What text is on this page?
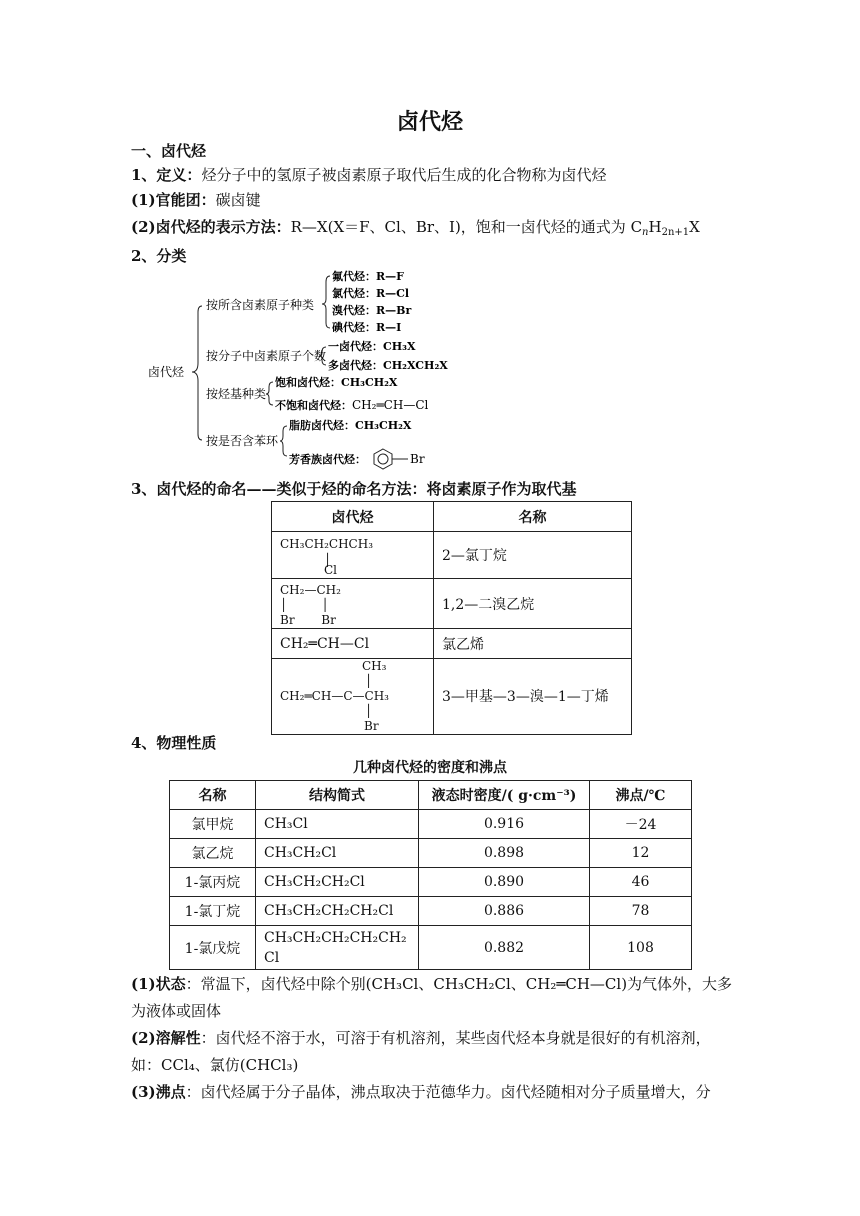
卤代烃
一、卤代烃
1、定义：烃分子中的氢原子被卤素原子取代后生成的化合物称为卤代烃
(1)官能团：碳卤键
(2)卤代烃的表示方法：R—X(X＝F、Cl、Br、I)，饱和一卤代烃的通式为 $C_nH_{2n+1}X$
2、分类
卤代烃
按所含卤素原子种类
氟代烃：R—F
氯代烃：R—Cl
溴代烃：R—Br
碘代烃：R—I
按分子中卤素原子个数
一卤代烃：CH₃X
多卤代烃：CH₂XCH₂X
按烃基种类
饱和卤代烃：CH₃CH₂X
不饱和卤代烃： CH₂═CH—Cl
按是否含苯环
脂肪卤代烃：CH₃CH₂X
芳香族卤代烃：	Br
3、卤代烃的命名——类似于烃的命名方法：将卤素原子作为取代基
卤代烃	名称

CH₃CH₂CHCH₃
│
Cl	2—氯丁烷

CH₂—CH₂
│         │
Br Br	1,2—二溴乙烷
CH₂═CH—Cl	氯乙烯

CH₃
│
CH₂═CH—C—CH₃
│
Br	3—甲基—3—溴—1—丁烯
4、物理性质
几种卤代烃的密度和沸点
名称	结构简式	液态时密度/( g·cm⁻³)	沸点/℃
氯甲烷	CH₃Cl	0.916	－24
氯乙烷	CH₃CH₂Cl	0.898	12
1-氯丙烷	CH₃CH₂CH₂Cl	0.890	46
1-氯丁烷	CH₃CH₂CH₂CH₂Cl	0.886	78
1-氯戊烷	CH₃CH₂CH₂CH₂CH₂Cl	0.882	108
(1)状态：常温下，卤代烃中除个别(CH₃Cl、CH₃CH₂Cl、CH₂═CH—Cl)为气体外，大多
为液体或固体
(2)溶解性：卤代烃不溶于水，可溶于有机溶剂，某些卤代烃本身就是很好的有机溶剂，
如：CCl₄、氯仿(CHCl₃)
(3)沸点：卤代烃属于分子晶体，沸点取决于范德华力。卤代烃随相对分子质量增大，分
